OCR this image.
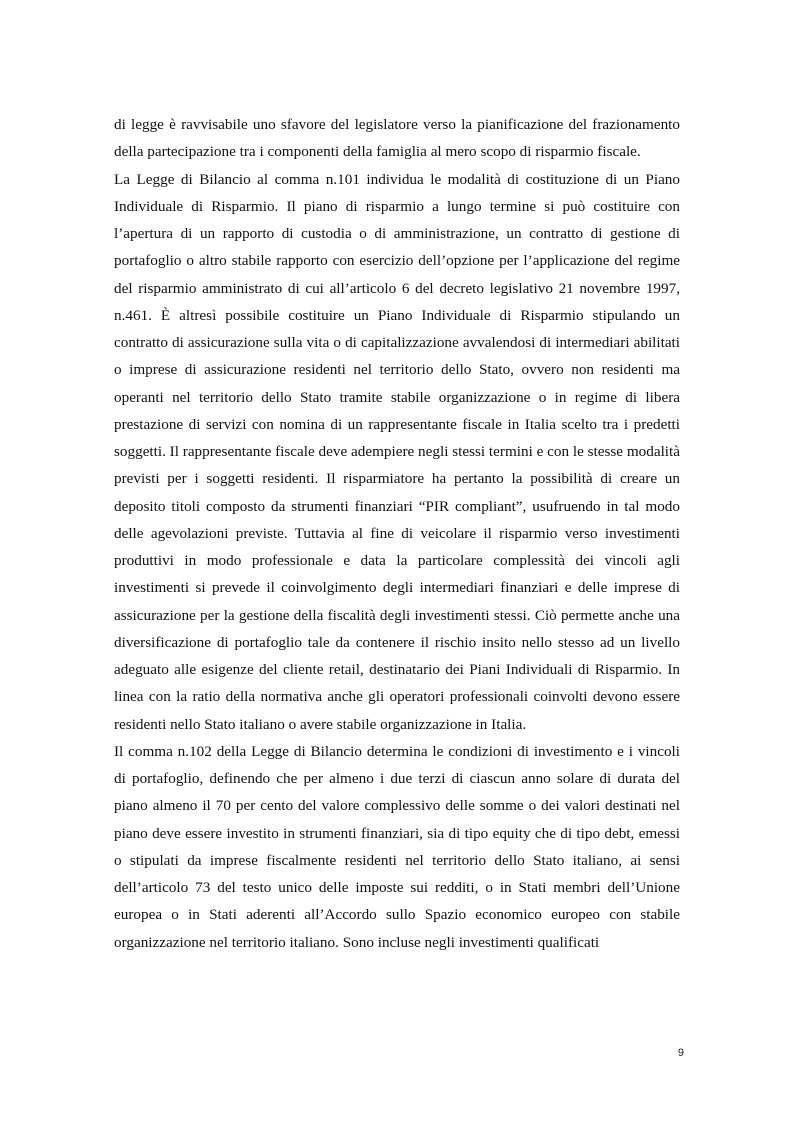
di legge è ravvisabile uno sfavore del legislatore verso la pianificazione del frazionamento della partecipazione tra i componenti della famiglia al mero scopo di risparmio fiscale.

La Legge di Bilancio al comma n.101 individua le modalità di costituzione di un Piano Individuale di Risparmio. Il piano di risparmio a lungo termine si può costituire con l’apertura di un rapporto di custodia o di amministrazione, un contratto di gestione di portafoglio o altro stabile rapporto con esercizio dell’opzione per l’applicazione del regime del risparmio amministrato di cui all’articolo 6 del decreto legislativo 21 novembre 1997, n.461. È altresì possibile costituire un Piano Individuale di Risparmio stipulando un contratto di assicurazione sulla vita o di capitalizzazione avvalendosi di intermediari abilitati o imprese di assicurazione residenti nel territorio dello Stato, ovvero non residenti ma operanti nel territorio dello Stato tramite stabile organizzazione o in regime di libera prestazione di servizi con nomina di un rappresentante fiscale in Italia scelto tra i predetti soggetti. Il rappresentante fiscale deve adempiere negli stessi termini e con le stesse modalità previsti per i soggetti residenti. Il risparmiatore ha pertanto la possibilità di creare un deposito titoli composto da strumenti finanziari “PIR compliant”, usufruendo in tal modo delle agevolazioni previste. Tuttavia al fine di veicolare il risparmio verso investimenti produttivi in modo professionale e data la particolare complessità dei vincoli agli investimenti si prevede il coinvolgimento degli intermediari finanziari e delle imprese di assicurazione per la gestione della fiscalità degli investimenti stessi. Ciò permette anche una diversificazione di portafoglio tale da contenere il rischio insito nello stesso ad un livello adeguato alle esigenze del cliente retail, destinatario dei Piani Individuali di Risparmio. In linea con la ratio della normativa anche gli operatori professionali coinvolti devono essere residenti nello Stato italiano o avere stabile organizzazione in Italia.

Il comma n.102 della Legge di Bilancio determina le condizioni di investimento e i vincoli di portafoglio, definendo che per almeno i due terzi di ciascun anno solare di durata del piano almeno il 70 per cento del valore complessivo delle somme o dei valori destinati nel piano deve essere investito in strumenti finanziari, sia di tipo equity che di tipo debt, emessi o stipulati da imprese fiscalmente residenti nel territorio dello Stato italiano, ai sensi dell’articolo 73 del testo unico delle imposte sui redditi, o in Stati membri dell’Unione europea o in Stati aderenti all’Accordo sullo Spazio economico europeo con stabile organizzazione nel territorio italiano. Sono incluse negli investimenti qualificati

9
